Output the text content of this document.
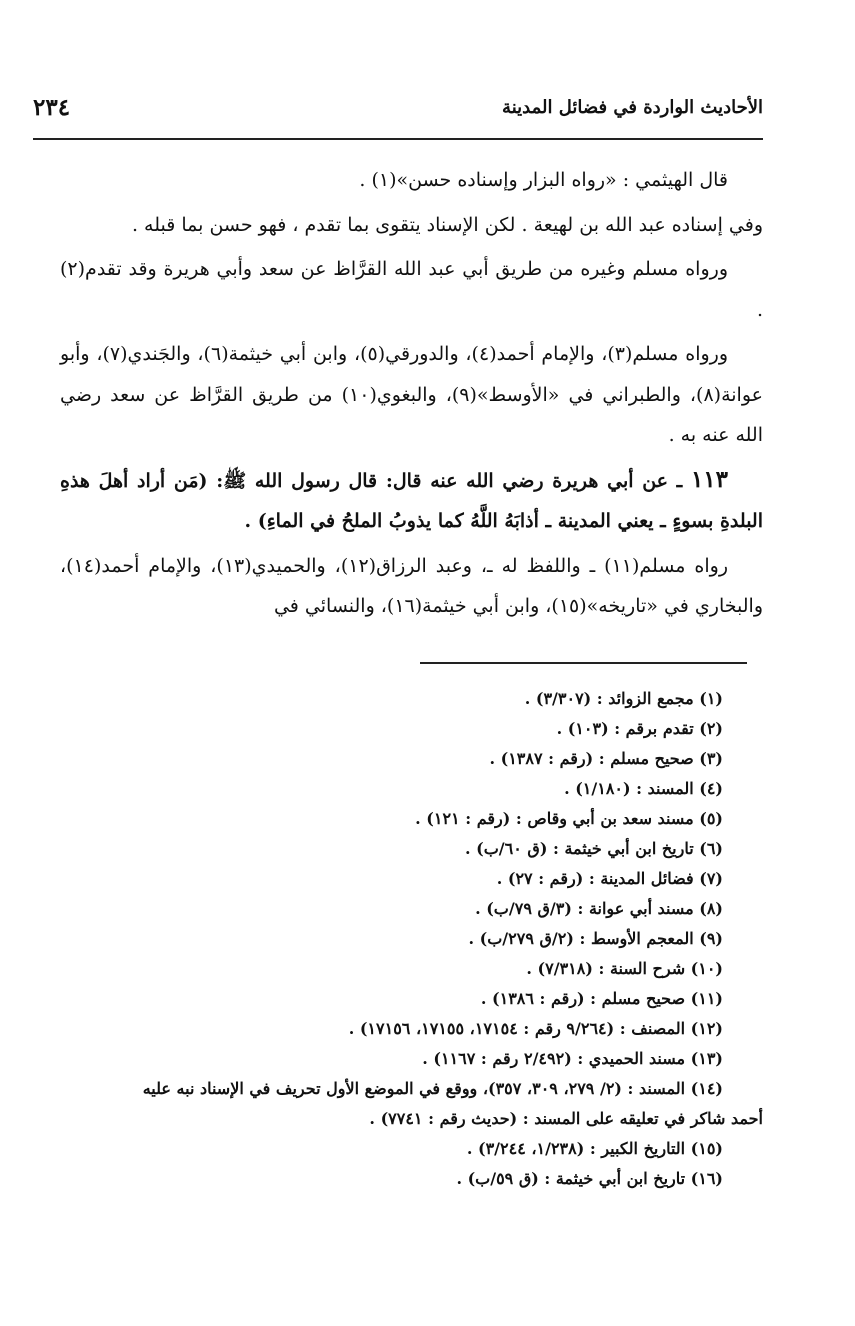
الأحاديث الواردة في فضائل المدينة
٢٣٤

قال الهيثمي : «رواه البزار وإسناده حسن»(١) .

وفي إسناده عبد الله بن لهيعة . لكن الإسناد يتقوى بما تقدم ، فهو حسن بما قبله .

ورواه مسلم وغيره من طريق أبي عبد الله القرَّاظ عن سعد وأبي هريرة وقد تقدم(٢) .

ورواه مسلم(٣)، والإمام أحمد(٤)، والدورقي(٥)، وابن أبي خيثمة(٦)، والجَندي(٧)، وأبو عوانة(٨)، والطبراني في «الأوسط»(٩)، والبغوي(١٠) من طريق القرَّاظ عن سعد رضي الله عنه به .

١١٣ ـ عن أبي هريرة رضي الله عنه قال: قال رسول الله ﷺ: (مَن أراد أهلَ هذهِ البلدةِ بسوءٍ ـ يعني المدينة ـ أذابَهُ اللَّهُ كما يذوبُ الملحُ في الماءِ) .

رواه مسلم(١١) ـ واللفظ له ـ، وعبد الرزاق(١٢)، والحميدي(١٣)، والإمام أحمد(١٤)، والبخاري في «تاريخه»(١٥)، وابن أبي خيثمة(١٦)، والنسائي في

(١) مجمع الزوائد : (٣/٣٠٧) .

(٢) تقدم برقم : (١٠٣) .

(٣) صحيح مسلم : (رقم : ١٣٨٧) .

(٤) المسند : (١/١٨٠) .

(٥) مسند سعد بن أبي وقاص : (رقم : ١٢١) .

(٦) تاريخ ابن أبي خيثمة : (ق ٦٠/ب) .

(٧) فضائل المدينة : (رقم : ٢٧) .

(٨) مسند أبي عوانة : (٣/ق ٧٩/ب) .

(٩) المعجم الأوسط : (٢/ق ٢٧٩/ب) .

(١٠) شرح السنة : (٧/٣١٨) .

(١١) صحيح مسلم : (رقم : ١٣٨٦) .

(١٢) المصنف : (٩/٢٦٤ رقم : ١٧١٥٤، ١٧١٥٥، ١٧١٥٦) .

(١٣) مسند الحميدي : (٢/٤٩٢ رقم : ١١٦٧) .

(١٤) المسند : (٢/ ٢٧٩، ٣٠٩، ٣٥٧)، ووقع في الموضع الأول تحريف في الإسناد نبه عليه

أحمد شاكر في تعليقه على المسند : (حديث رقم : ٧٧٤١) .

(١٥) التاريخ الكبير : (١/٢٣٨، ٣/٢٤٤) .

(١٦) تاريخ ابن أبي خيثمة : (ق ٥٩/ب) .
